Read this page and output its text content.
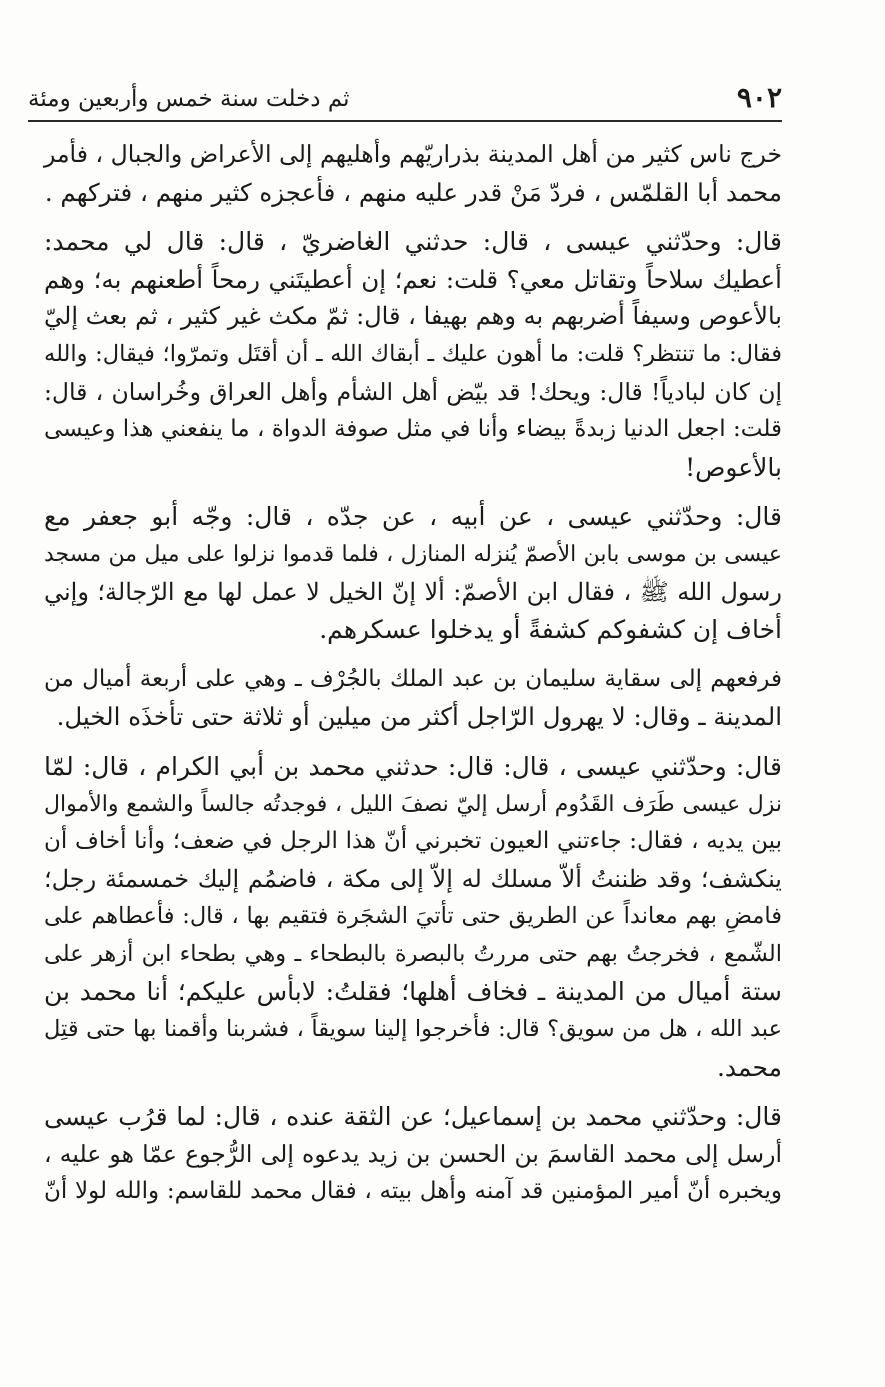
٩٠٢
ثم دخلت سنة خمس وأربعين ومئة
خرج ناس كثير من أهل المدينة بذراريّهم وأهليهم إلى الأعراض والجبال ، فأمر
محمد أبا القلمّس ، فردّ مَنْ قدر عليه منهم ، فأعجزه كثير منهم ، فتركهم .
قال: وحدّثني عيسى ، قال: حدثني الغاضريّ ، قال: قال لي محمد:
أعطيك سلاحاً وتقاتل معي؟ قلت: نعم؛ إن أعطيتَني رمحاً أطعنهم به؛ وهم
بالأعوص وسيفاً أضربهم به وهم بهيفا ، قال: ثمّ مكث غير كثير ، ثم بعث إليّ
فقال: ما تنتظر؟ قلت: ما أهون عليك ـ أبقاك الله ـ أن أقتَل وتمرّوا؛ فيقال: والله
إن كان لبادياً! قال: ويحك! قد بيّض أهل الشأم وأهل العراق وخُراسان ، قال:
قلت: اجعل الدنيا زبدةً بيضاء وأنا في مثل صوفة الدواة ، ما ينفعني هذا وعيسى
بالأعوص!
قال: وحدّثني عيسى ، عن أبيه ، عن جدّه ، قال: وجّه أبو جعفر مع
عيسى بن موسى بابن الأصمّ يُنزله المنازل ، فلما قدموا نزلوا على ميل من مسجد
رسول الله ﷺ ، فقال ابن الأصمّ: ألا إنّ الخيل لا عمل لها مع الرّجالة؛ وإني
أخاف إن كشفوكم كشفةً أو يدخلوا عسكرهم.
فرفعهم إلى سقاية سليمان بن عبد الملك بالجُرْف ـ وهي على أربعة أميال من
المدينة ـ وقال: لا يهرول الرّاجل أكثر من ميلين أو ثلاثة حتى تأخذَه الخيل.
قال: وحدّثني عيسى ، قال: قال: حدثني محمد بن أبي الكرام ، قال: لمّا
نزل عيسى طَرَف القَدُوم أرسل إليّ نصفَ الليل ، فوجدتُه جالساً والشمع والأموال
بين يديه ، فقال: جاءتني العيون تخبرني أنّ هذا الرجل في ضعف؛ وأنا أخاف أن
ينكشف؛ وقد ظننتُ ألاّ مسلك له إلاّ إلى مكة ، فاضمُم إليك خمسمئة رجل؛
فامضِ بهم معانداً عن الطريق حتى تأتيَ الشجَرة فتقيم بها ، قال: فأعطاهم على
الشّمع ، فخرجتُ بهم حتى مررتُ بالبصرة بالبطحاء ـ وهي بطحاء ابن أزهر على
ستة أميال من المدينة ـ فخاف أهلها؛ فقلتُ: لابأس عليكم؛ أنا محمد بن
عبد الله ، هل من سويق؟ قال: فأخرجوا إلينا سويقاً ، فشربنا وأقمنا بها حتى قتِل
محمد.
قال: وحدّثني محمد بن إسماعيل؛ عن الثقة عنده ، قال: لما قرُب عيسى
أرسل إلى محمد القاسمَ بن الحسن بن زيد يدعوه إلى الرُّجوع عمّا هو عليه ،
ويخبره أنّ أمير المؤمنين قد آمنه وأهل بيته ، فقال محمد للقاسم: والله لولا أنّ
